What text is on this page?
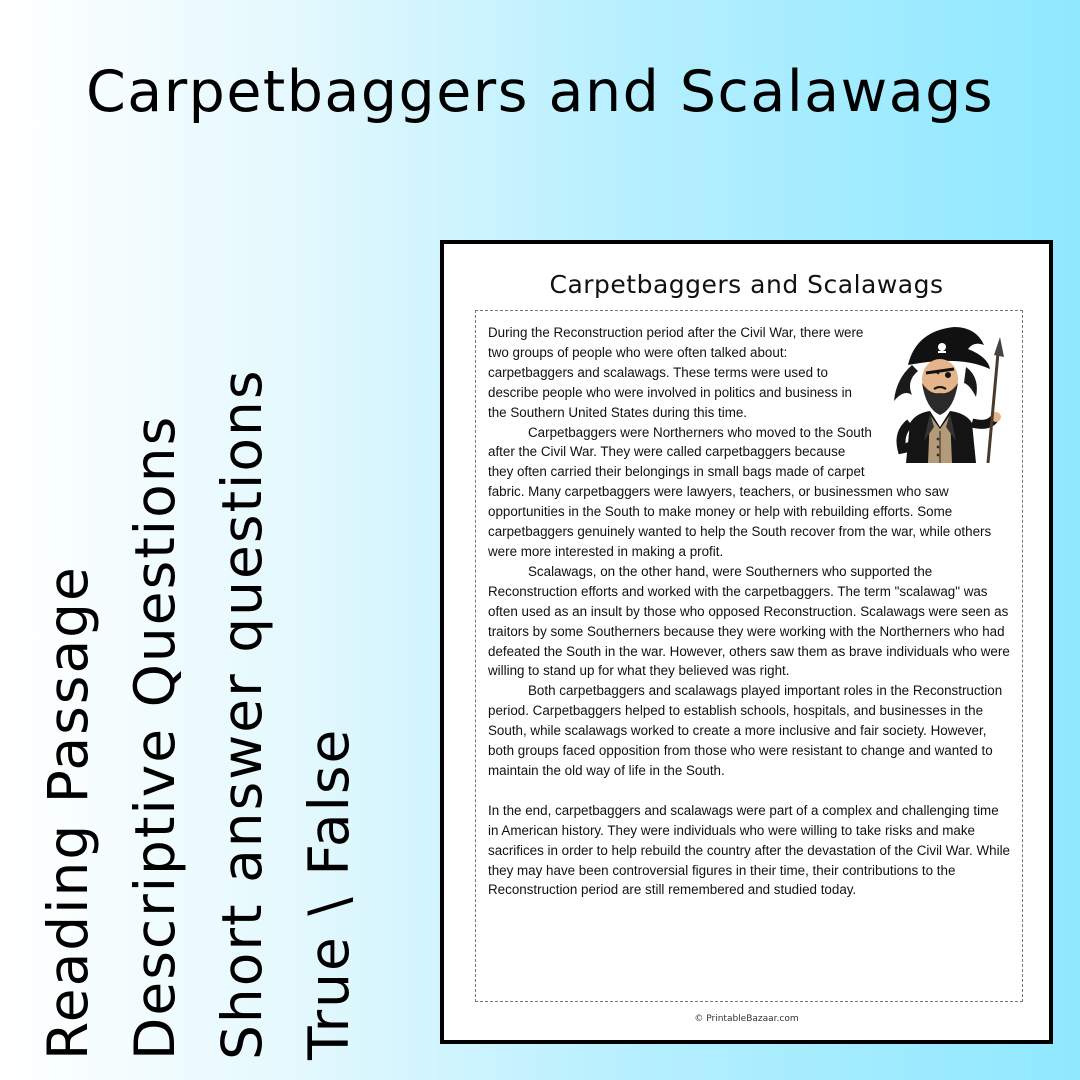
Carpetbaggers and Scalawags
Reading Passage Descriptive Questions Short answer questions True \ False
Carpetbaggers and Scalawags

During the Reconstruction period after the Civil War, there were two groups of people who were often talked about: carpetbaggers and scalawags. These terms were used to describe people who were involved in politics and business in the Southern United States during this time.

Carpetbaggers were Northerners who moved to the South after the Civil War. They were called carpetbaggers because they often carried their belongings in small bags made of carpet fabric. Many carpetbaggers were lawyers, teachers, or businessmen who saw opportunities in the South to make money or help with rebuilding efforts. Some carpetbaggers genuinely wanted to help the South recover from the war, while others were more interested in making a profit.

Scalawags, on the other hand, were Southerners who supported the Reconstruction efforts and worked with the carpetbaggers. The term "scalawag" was often used as an insult by those who opposed Reconstruction. Scalawags were seen as traitors by some Southerners because they were working with the Northerners who had defeated the South in the war. However, others saw them as brave individuals who were willing to stand up for what they believed was right.

Both carpetbaggers and scalawags played important roles in the Reconstruction period. Carpetbaggers helped to establish schools, hospitals, and businesses in the South, while scalawags worked to create a more inclusive and fair society. However, both groups faced opposition from those who were resistant to change and wanted to maintain the old way of life in the South.

In the end, carpetbaggers and scalawags were part of a complex and challenging time in American history. They were individuals who were willing to take risks and make sacrifices in order to help rebuild the country after the devastation of the Civil War. While they may have been controversial figures in their time, their contributions to the Reconstruction period are still remembered and studied today.

© PrintableBazaar.com
